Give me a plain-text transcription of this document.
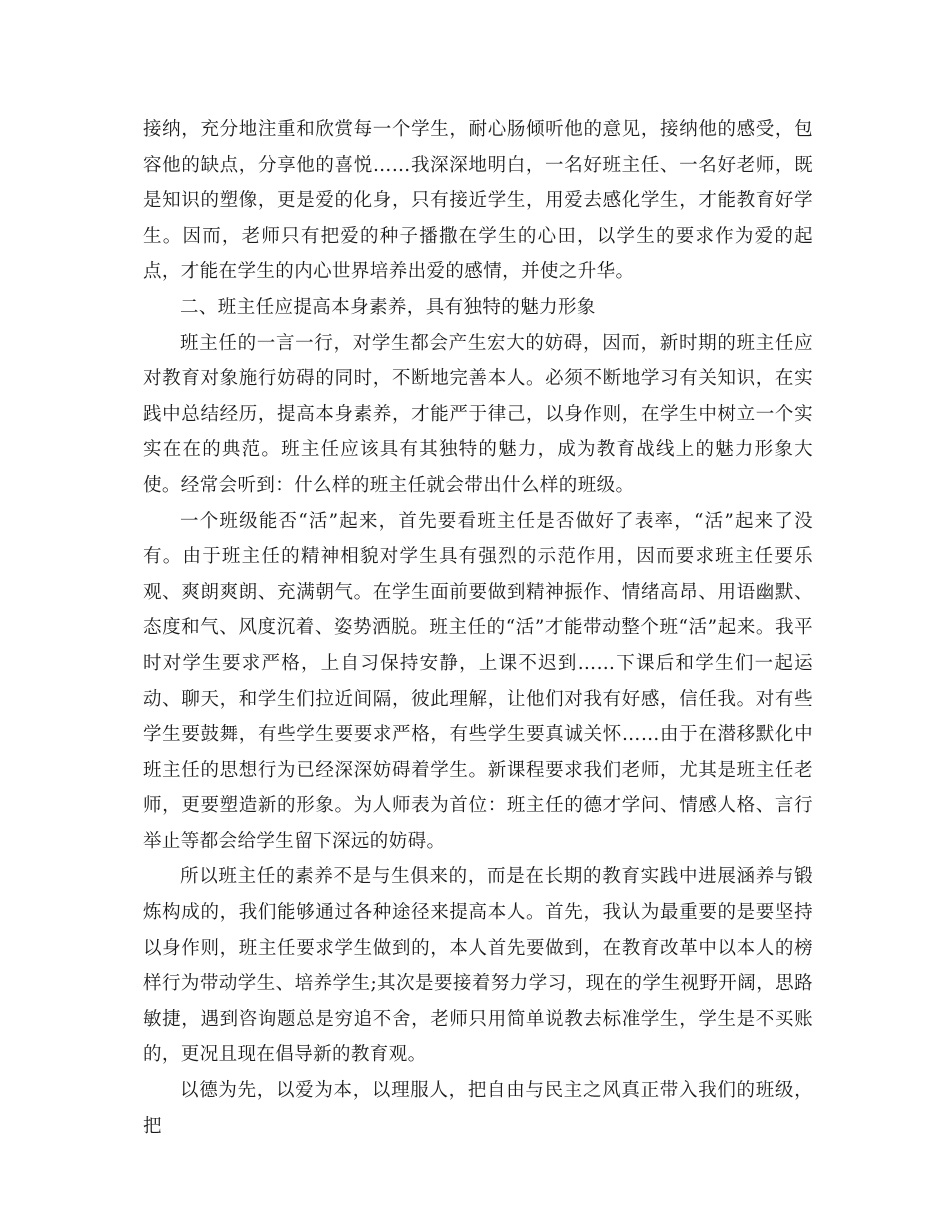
接纳，充分地注重和欣赏每一个学生，耐心肠倾听他的意见，接纳他的感受，包容他的缺点，分享他的喜悦……我深深地明白，一名好班主任、一名好老师，既是知识的塑像，更是爱的化身，只有接近学生，用爱去感化学生，才能教育好学生。因而，老师只有把爱的种子播撒在学生的心田，以学生的要求作为爱的起点，才能在学生的内心世界培养出爱的感情，并使之升华。

二、班主任应提高本身素养，具有独特的魅力形象

班主任的一言一行，对学生都会产生宏大的妨碍，因而，新时期的班主任应对教育对象施行妨碍的同时，不断地完善本人。必须不断地学习有关知识，在实践中总结经历，提高本身素养，才能严于律己，以身作则，在学生中树立一个实实在在的典范。班主任应该具有其独特的魅力，成为教育战线上的魅力形象大使。经常会听到：什么样的班主任就会带出什么样的班级。

一个班级能否“活”起来，首先要看班主任是否做好了表率，“活”起来了没有。由于班主任的精神相貌对学生具有强烈的示范作用，因而要求班主任要乐观、爽朗爽朗、充满朝气。在学生面前要做到精神振作、情绪高昂、用语幽默、态度和气、风度沉着、姿势洒脱。班主任的“活”才能带动整个班“活”起来。我平时对学生要求严格，上自习保持安静，上课不迟到……下课后和学生们一起运动、聊天，和学生们拉近间隔，彼此理解，让他们对我有好感，信任我。对有些学生要鼓舞，有些学生要要求严格，有些学生要真诚关怀……由于在潜移默化中班主任的思想行为已经深深妨碍着学生。新课程要求我们老师，尤其是班主任老师，更要塑造新的形象。为人师表为首位：班主任的德才学问、情感人格、言行举止等都会给学生留下深远的妨碍。

所以班主任的素养不是与生俱来的，而是在长期的教育实践中进展涵养与锻炼构成的，我们能够通过各种途径来提高本人。首先，我认为最重要的是要坚持以身作则，班主任要求学生做到的，本人首先要做到，在教育改革中以本人的榜样行为带动学生、培养学生;其次是要接着努力学习，现在的学生视野开阔，思路敏捷，遇到咨询题总是穷追不舍，老师只用简单说教去标准学生，学生是不买账的，更况且现在倡导新的教育观。

以德为先，以爱为本，以理服人，把自由与民主之风真正带入我们的班级，把
